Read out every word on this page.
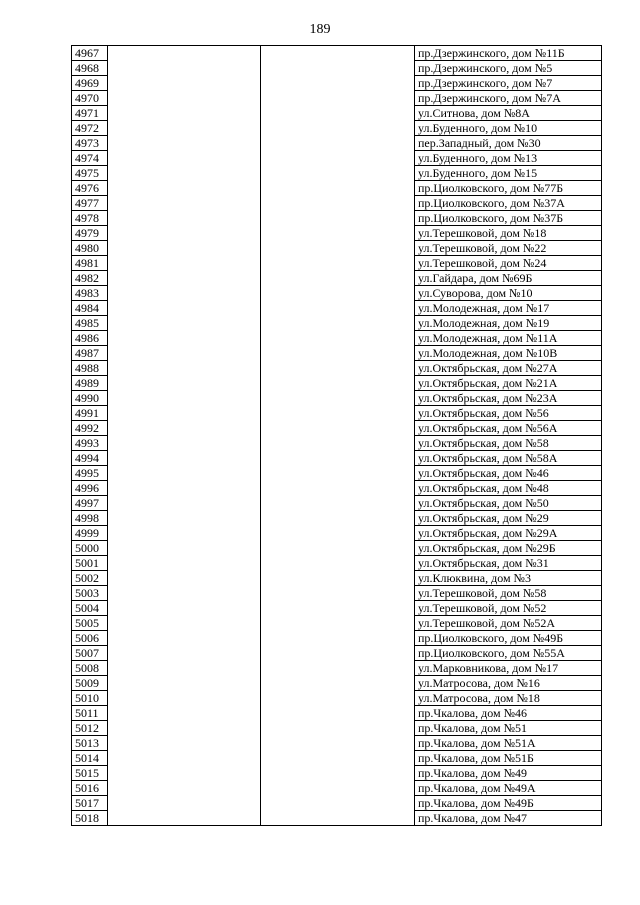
189
4967			пр.Дзержинского, дом №11Б
4968			пр.Дзержинского, дом №5
4969			пр.Дзержинского, дом №7
4970			пр.Дзержинского, дом №7А
4971			ул.Ситнова, дом №8А
4972			ул.Буденного, дом №10
4973			пер.Западный, дом №30
4974			ул.Буденного, дом №13
4975			ул.Буденного, дом №15
4976			пр.Циолковского, дом №77Б
4977			пр.Циолковского, дом №37А
4978			пр.Циолковского, дом №37Б
4979			ул.Терешковой, дом №18
4980			ул.Терешковой, дом №22
4981			ул.Терешковой, дом №24
4982			ул.Гайдара, дом №69Б
4983			ул.Суворова, дом №10
4984			ул.Молодежная, дом №17
4985			ул.Молодежная, дом №19
4986			ул.Молодежная, дом №11А
4987			ул.Молодежная, дом №10В
4988			ул.Октябрьская, дом №27А
4989			ул.Октябрьская, дом №21А
4990			ул.Октябрьская, дом №23А
4991			ул.Октябрьская, дом №56
4992			ул.Октябрьская, дом №56А
4993			ул.Октябрьская, дом №58
4994			ул.Октябрьская, дом №58А
4995			ул.Октябрьская, дом №46
4996			ул.Октябрьская, дом №48
4997			ул.Октябрьская, дом №50
4998			ул.Октябрьская, дом №29
4999			ул.Октябрьская, дом №29А
5000			ул.Октябрьская, дом №29Б
5001			ул.Октябрьская, дом №31
5002			ул.Клюквина, дом №3
5003			ул.Терешковой, дом №58
5004			ул.Терешковой, дом №52
5005			ул.Терешковой, дом №52А
5006			пр.Циолковского, дом №49Б
5007			пр.Циолковского, дом №55А
5008			ул.Марковникова, дом №17
5009			ул.Матросова, дом №16
5010			ул.Матросова, дом №18
5011			пр.Чкалова, дом №46
5012			пр.Чкалова, дом №51
5013			пр.Чкалова, дом №51А
5014			пр.Чкалова, дом №51Б
5015			пр.Чкалова, дом №49
5016			пр.Чкалова, дом №49А
5017			пр.Чкалова, дом №49Б
5018			пр.Чкалова, дом №47
